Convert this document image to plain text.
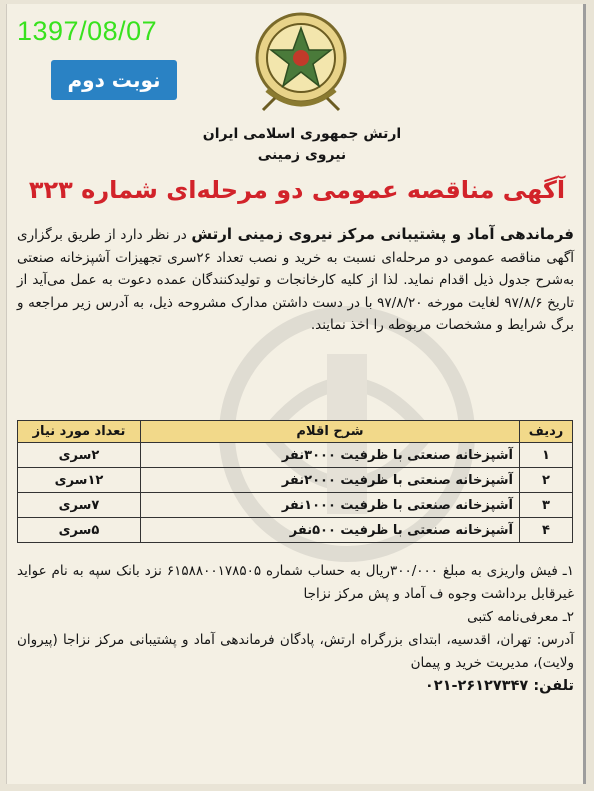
1397/08/07
نوبت دوم
ارتش جمهوری اسلامی ایران
نیروی زمینی
آگهی مناقصه عمومی دو مرحله‌ای شماره ۳۲۳
فرماندهی آماد و پشتیبانی مرکز نیروی زمینی ارتش در نظر دارد از طریق برگزاری آگهی مناقصه عمومی دو مرحله‌ای نسبت به خرید و نصب تعداد ۲۶سری تجهیزات آشپزخانه صنعتی به‌شرح جدول ذیل اقدام نماید. لذا از کلیه کارخانجات و تولیدکنندگان عمده دعوت به عمل می‌آید از تاریخ ۹۷/۸/۶ لغایت مورخه ۹۷/۸/۲۰ با در دست داشتن مدارک مشروحه ذیل، به آدرس زیر مراجعه و برگ شرایط و مشخصات مربوطه را اخذ نمایند.
ردیف	شرح اقلام	تعداد مورد نیاز
۱	آشپزخانه صنعتی با ظرفیت ۳۰۰۰نفر	۲سری
۲	آشپزخانه صنعتی با ظرفیت ۲۰۰۰نفر	۱۲سری
۳	آشپزخانه صنعتی با ظرفیت ۱۰۰۰نفر	۷سری
۴	آشپزخانه صنعتی با ظرفیت ۵۰۰نفر	۵سری
۱ـ فیش واریزی به مبلغ ۳۰۰/۰۰۰ریال به حساب شماره ۶۱۵۸۸۰۰۱۷۸۵۰۵ نزد بانک سپه به نام عواید غیرقابل برداشت وجوه ف آماد و پش مرکز نزاجا
۲ـ معرفی‌نامه کتبی
آدرس: تهران، اقدسیه، ابتدای بزرگراه ارتش، پادگان فرماندهی آماد و پشتیبانی مرکز نزاجا (پیروان ولایت)، مدیریت خرید و پیمان
تلفن: ۲۶۱۲۷۳۴۷-۰۲۱
